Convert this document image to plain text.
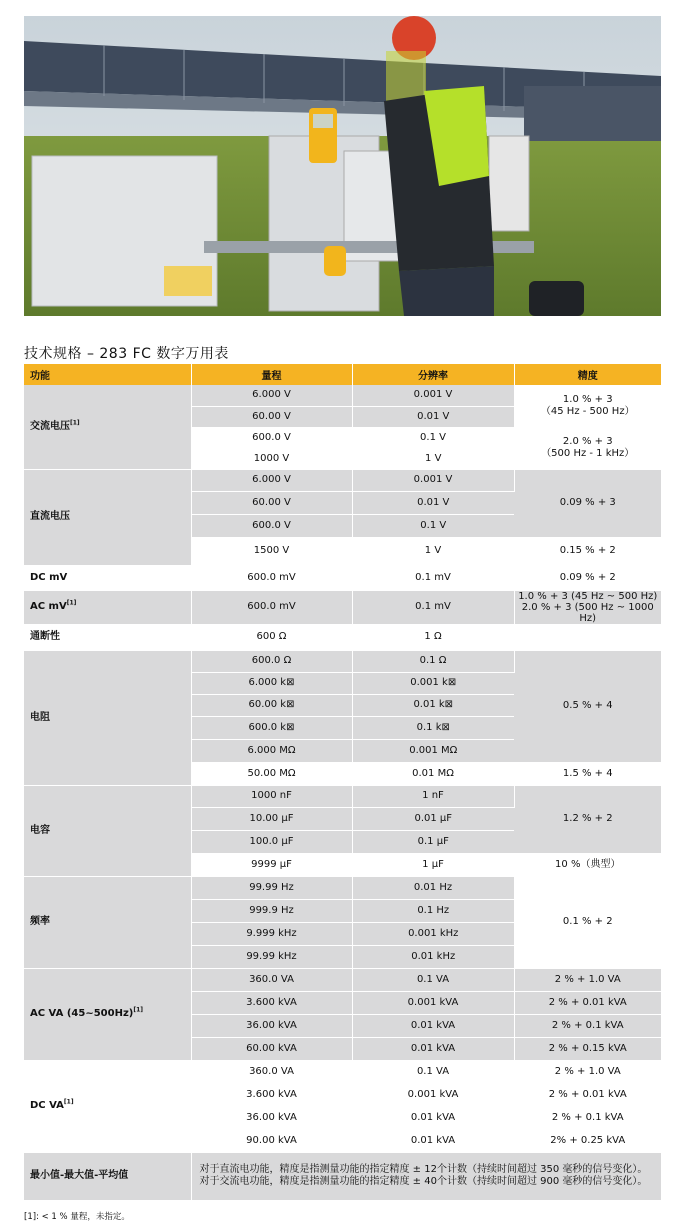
技术规格 – 283 FC 数字万用表
功能	量程	分辨率	精度
交流电压[1]	6.000 V	0.001 V	1.0 % + 3
（45 Hz - 500 Hz）
	60.00 V	0.01 V	
	600.0 V	0.1 V	2.0 % + 3
（500 Hz - 1 kHz）
	1000 V	1 V	
直流电压	6.000 V	0.001 V	0.09 % + 3
	60.00 V	0.01 V	
	600.0 V	0.1 V	
	1500 V	1 V	0.15 % + 2
DC mV	600.0 mV	0.1 mV	0.09 % + 2
AC mV[1]	600.0 mV	0.1 mV	1.0 % + 3 (45 Hz ~ 500 Hz)
2.0 % + 3 (500 Hz ~ 1000 Hz)
通断性	600 Ω	1 Ω	
电阻	600.0 Ω	0.1 Ω	0.5 % + 4
	6.000 k⊠	0.001 k⊠	
	60.00 k⊠	0.01 k⊠	
	600.0 k⊠	0.1 k⊠	
	6.000 MΩ	0.001 MΩ	
	50.00 MΩ	0.01 MΩ	1.5 % + 4
电容	1000 nF	1 nF	1.2 % + 2
	10.00 µF	0.01 µF	
	100.0 µF	0.1 µF	
	9999 µF	1 µF	10 %（典型）
频率	99.99 Hz	0.01 Hz	0.1 % + 2
	999.9 Hz	0.1 Hz	
	9.999 kHz	0.001 kHz	
	99.99 kHz	0.01 kHz	
AC VA (45~500Hz)[1]	360.0 VA	0.1 VA	2 % + 1.0 VA
	3.600 kVA	0.001 kVA	2 % + 0.01 kVA
	36.00 kVA	0.01 kVA	2 % + 0.1 kVA
	60.00 kVA	0.01 kVA	2 % + 0.15 kVA
DC VA[1]	360.0 VA	0.1 VA	2 % + 1.0 VA
	3.600 kVA	0.001 kVA	2 % + 0.01 kVA
	36.00 kVA	0.01 kVA	2 % + 0.1 kVA
	90.00 kVA	0.01 kVA	2% + 0.25 kVA
最小值-最大值-平均值	对于直流电功能，精度是指测量功能的指定精度 ± 12个计数（持续时间超过 350 毫秒的信号变化）。
对于交流电功能，精度是指测量功能的指定精度 ± 40个计数（持续时间超过 900 毫秒的信号变化）。		
[1]: < 1 % 量程，未指定。
